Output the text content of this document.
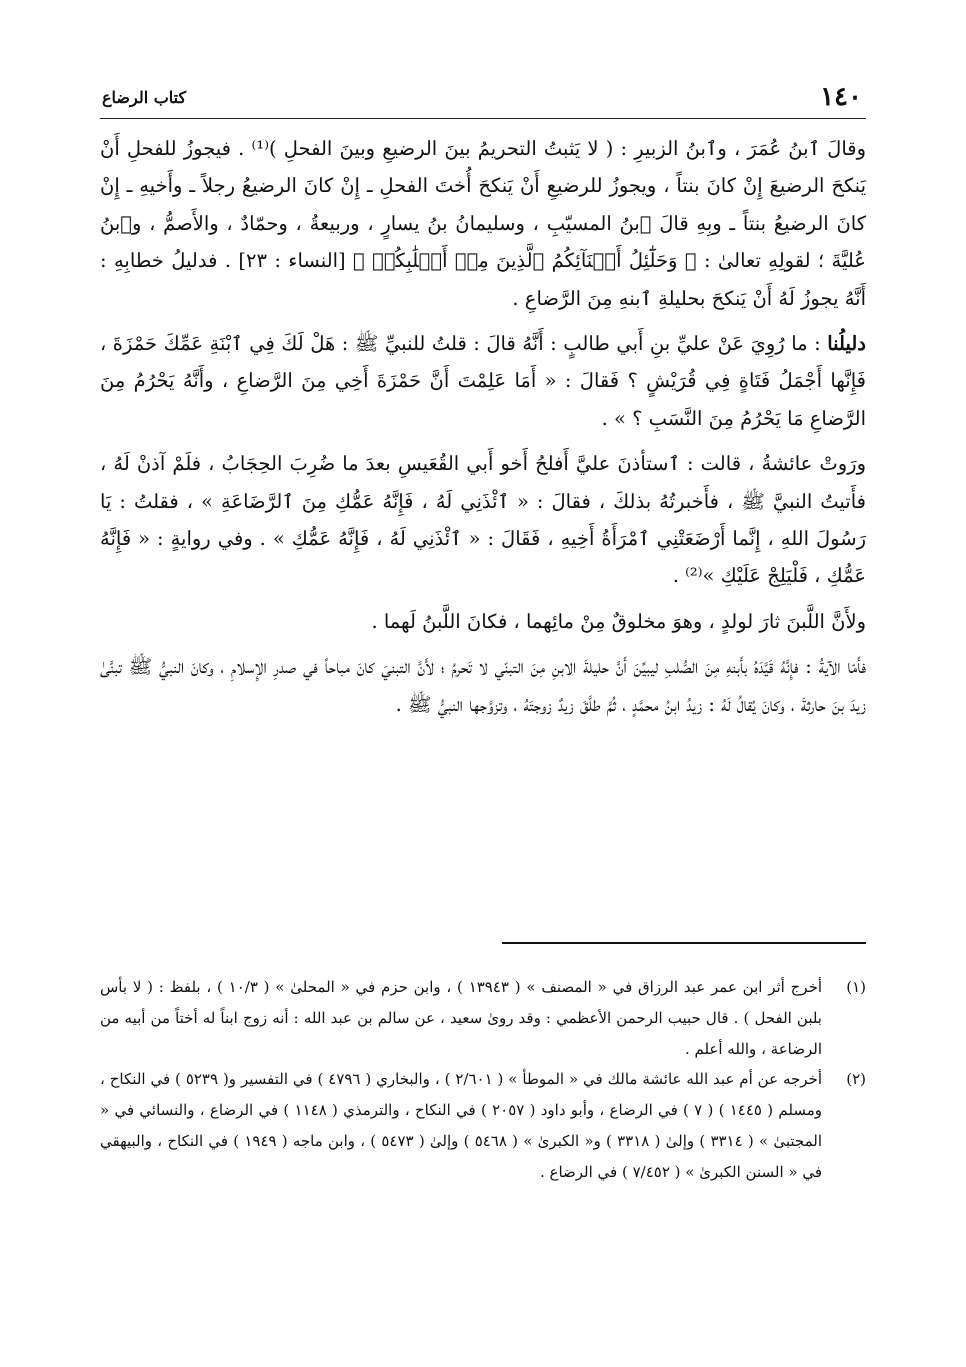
١٤٠
كتاب الرضاع

وقالَ ٱبنُ عُمَرَ ، وٱبنُ الزبيرِ : ( لا يَثبتُ التحريمُ بينَ الرضيعِ وبينَ الفحلِ )⁽¹⁾ . فيجوزُ للفحلِ أَنْ يَنكحَ الرضيعَ إِنْ كانَ بنتاً ، ويجوزُ للرضيعِ أَنْ يَنكحَ أُختَ الفحلِ ـ إِنْ كانَ الرضيعُ رجلاً ـ وأَخيهِ ـ إِنْ كانَ الرضيعُ بنتاً ـ وبِهِ قالَ ٱبنُ المسيّبِ ، وسليمانُ بنُ يسارٍ ، وربيعةُ ، وحمّادٌ ، والأَصمُّ ، وٱبنُ عُليَّةَ ؛ لقولِهِ تعالىٰ : ﴿ وَحَلَٰٓئِلُ أَبۡنَآئِكُمُ ٱلَّذِينَ مِنۡ أَصۡلَٰبِكُمۡ ﴾ [النساء : ٢٣] . فدليلُ خطابِهِ : أَنَّهُ يجوزُ لَهُ أَنْ يَنكحَ بحليلةِ ٱبنهِ مِنَ الرَّضاعِ .

دليلُنا : ما رُوِيَ عَنْ عليِّ بنِ أَبي طالبٍ : أَنَّهُ قالَ : قلتُ للنبيِّ ﷺ : هَلْ لَكَ فِي ٱبْنَةِ عَمِّكَ حَمْزَةَ ، فَإِنَّها أَجْمَلُ فَتَاةٍ فِي قُرَيْشٍ ؟ فَقالَ : « أَمَا عَلِمْتَ أَنَّ حَمْزَةَ أَخِي مِنَ الرَّضاعِ ، وأَنَّهُ يَحْرُمُ مِنَ الرَّضاعِ مَا يَحْرُمُ مِنَ النَّسَبِ ؟ » .

ورَوتْ عائشةُ ، قالت : ٱستأذنَ عليَّ أَفلحُ أَخو أَبي القُعَيسِ بعدَ ما ضُرِبَ الحِجَابُ ، فلَمْ آذنْ لَهُ ، فأَتيتُ النبيَّ ﷺ ، فأَخبرتُهُ بذلكَ ، فقالَ : « ٱئْذَنِي لَهُ ، فَإِنَّهُ عَمُّكِ مِنَ ٱلرَّضَاعَةِ » ، فقلتُ : يَا رَسُولَ اللهِ ، إِنَّما أَرْضَعَتْنِي ٱمْرَأَةُ أَخِيهِ ، فَقَالَ : « ٱئْذَنِي لَهُ ، فَإِنَّهُ عَمُّكِ » . وفي روايةٍ : « فَإِنَّهُ عَمُّكِ ، فَلْيَلِجْ عَلَيْكِ »⁽²⁾ .

ولأَنَّ اللَّبنَ ثارَ لولدٍ ، وهوَ مخلوقٌ مِنْ مائِهما ، فكانَ اللَّبنُ لَهما .

فأَمّا الآيةُ : فإِنَّهُ قَيَّدَهُ بأَبنهِ مِنَ الصُّلبِ ليبيِّنَ أَنَّ حليلةَ الابنِ مِنَ التبنّي لا تَحرمُ ؛ لأَنَّ التبنيَ كانَ مباحاً في صدرِ الإِسلامِ ، وكانَ النبيُّ ﷺ تبنَّىٰ زيدَ بنَ حارثةَ ، وكانَ يُقالُ لَهُ : زيدُ ابنُ محمَّدٍ ، ثُمَّ طلَّقَ زيدٌ زوجتَهُ ، وتزوَّجها النبيُّ ﷺ .

(١)
أخرج أثر ابن عمر عبد الرزاق في « المصنف » ( ١٣٩٤٣ ) ، وابن حزم في « المحلىٰ » ( ١٠/٣ ) ، بلفظ : ( لا بأس بلبن الفحل ) . قال حبيب الرحمن الأعظمي : وقد روىٰ سعيد ، عن سالم بن عبد الله : أنه زوج ابناً له أختاً من أبيه من الرضاعة ، والله أعلم .
(٢)
أخرجه عن أم عبد الله عائشة مالك في « الموطأ » ( ٢/٦٠١ ) ، والبخاري ( ٤٧٩٦ ) في التفسير و( ٥٢٣٩ ) في النكاح ، ومسلم ( ١٤٤٥ ) ( ٧ ) في الرضاع ، وأبو داود ( ٢٠٥٧ ) في النكاح ، والترمذي ( ١١٤٨ ) في الرضاع ، والنسائي في « المجتبىٰ » ( ٣٣١٤ ) وإلىٰ ( ٣٣١٨ ) و« الكبرىٰ » ( ٥٤٦٨ ) وإلىٰ ( ٥٤٧٣ ) ، وابن ماجه ( ١٩٤٩ ) في النكاح ، والبيهقي في « السنن الكبرىٰ » ( ٧/٤٥٢ ) في الرضاع .
